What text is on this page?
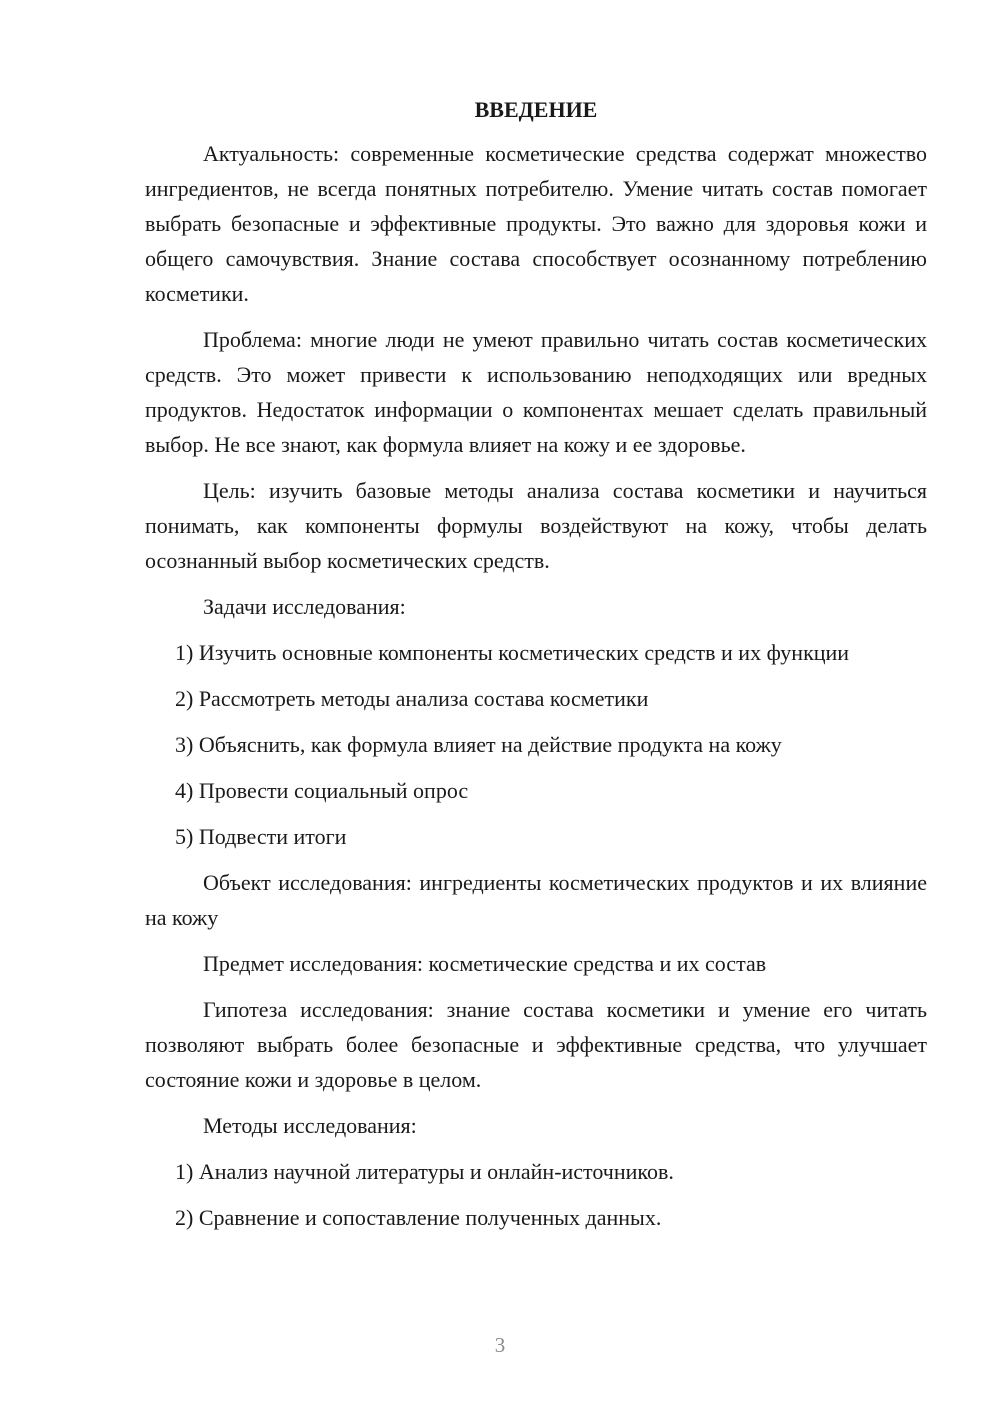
ВВЕДЕНИЕ

Актуальность: современные косметические средства содержат множество ингредиентов, не всегда понятных потребителю. Умение читать состав помогает выбрать безопасные и эффективные продукты. Это важно для здоровья кожи и общего самочувствия. Знание состава способствует осознанному потреблению косметики.

Проблема: многие люди не умеют правильно читать состав косметических средств. Это может привести к использованию неподходящих или вредных продуктов. Недостаток информации о компонентах мешает сделать правильный выбор. Не все знают, как формула влияет на кожу и ее здоровье.

Цель: изучить базовые методы анализа состава косметики и научиться понимать, как компоненты формулы воздействуют на кожу, чтобы делать осознанный выбор косметических средств.

Задачи исследования:

1) Изучить основные компоненты косметических средств и их функции

2) Рассмотреть методы анализа состава косметики

3) Объяснить, как формула влияет на действие продукта на кожу

4) Провести социальный опрос

5) Подвести итоги

Объект исследования: ингредиенты косметических продуктов и их влияние на кожу

Предмет исследования: косметические средства и их состав

Гипотеза исследования: знание состава косметики и умение его читать позволяют выбрать более безопасные и эффективные средства, что улучшает состояние кожи и здоровье в целом.

Методы исследования:

1) Анализ научной литературы и онлайн-источников.

2) Сравнение и сопоставление полученных данных.

3
